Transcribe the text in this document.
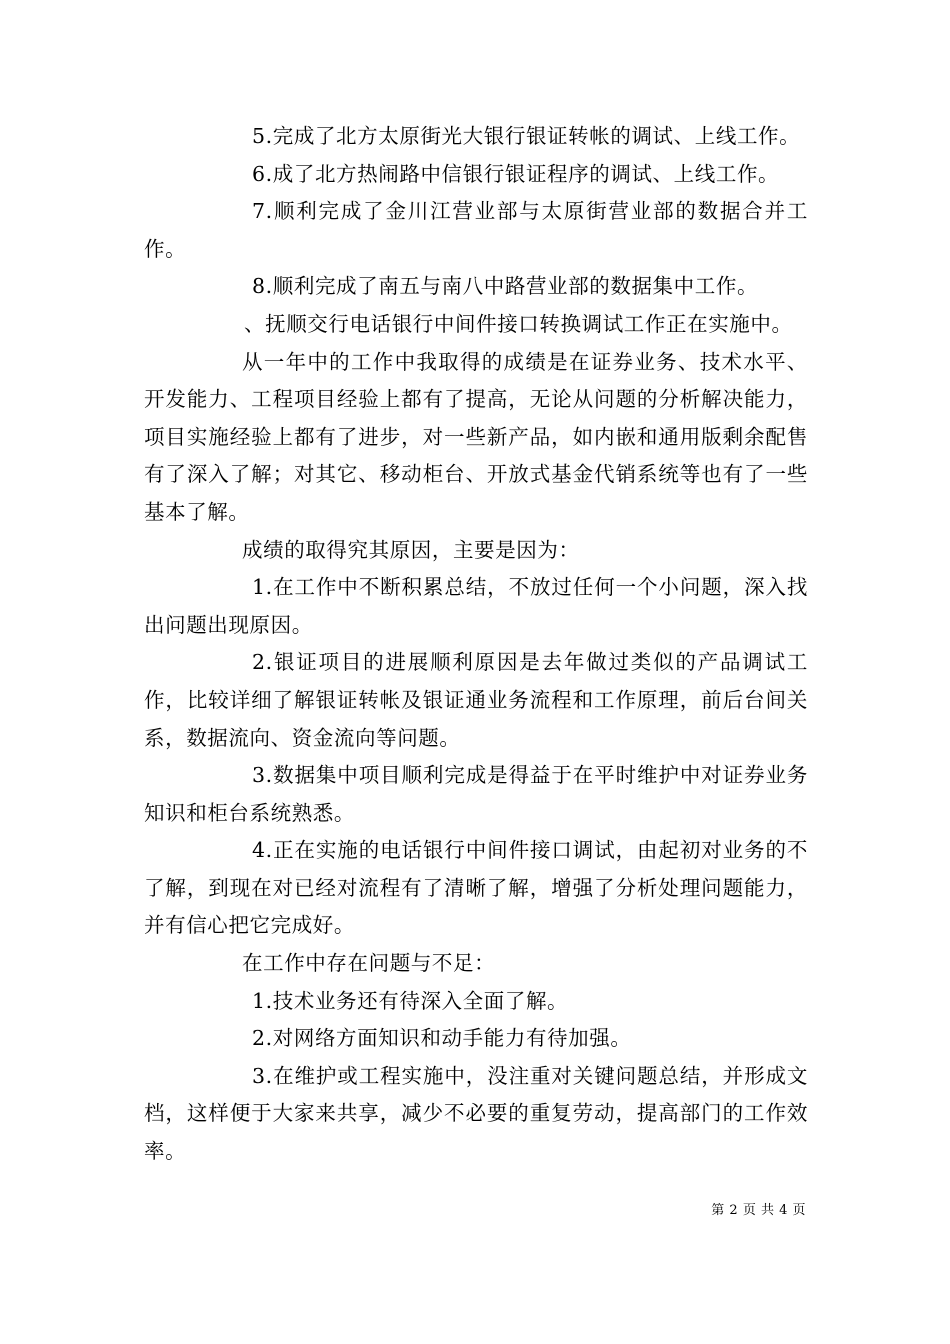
5.完成了北方太原街光大银行银证转帐的调试、上线工作。

6.成了北方热闹路中信银行银证程序的调试、上线工作。

7.顺利完成了金川江营业部与太原街营业部的数据合并工作。

8.顺利完成了南五与南八中路营业部的数据集中工作。

、抚顺交行电话银行中间件接口转换调试工作正在实施中。

从一年中的工作中我取得的成绩是在证券业务、技术水平、开发能力、工程项目经验上都有了提高，无论从问题的分析解决能力，项目实施经验上都有了进步，对一些新产品，如内嵌和通用版剩余配售有了深入了解；对其它、移动柜台、开放式基金代销系统等也有了一些基本了解。

成绩的取得究其原因，主要是因为：

1.在工作中不断积累总结，不放过任何一个小问题，深入找出问题出现原因。

2.银证项目的进展顺利原因是去年做过类似的产品调试工作，比较详细了解银证转帐及银证通业务流程和工作原理，前后台间关系，数据流向、资金流向等问题。

3.数据集中项目顺利完成是得益于在平时维护中对证券业务知识和柜台系统熟悉。

4.正在实施的电话银行中间件接口调试，由起初对业务的不了解，到现在对已经对流程有了清晰了解，增强了分析处理问题能力，并有信心把它完成好。

在工作中存在问题与不足：

1.技术业务还有待深入全面了解。

2.对网络方面知识和动手能力有待加强。

3.在维护或工程实施中，没注重对关键问题总结，并形成文档，这样便于大家来共享，减少不必要的重复劳动，提高部门的工作效率。

第 2 页 共 4 页
